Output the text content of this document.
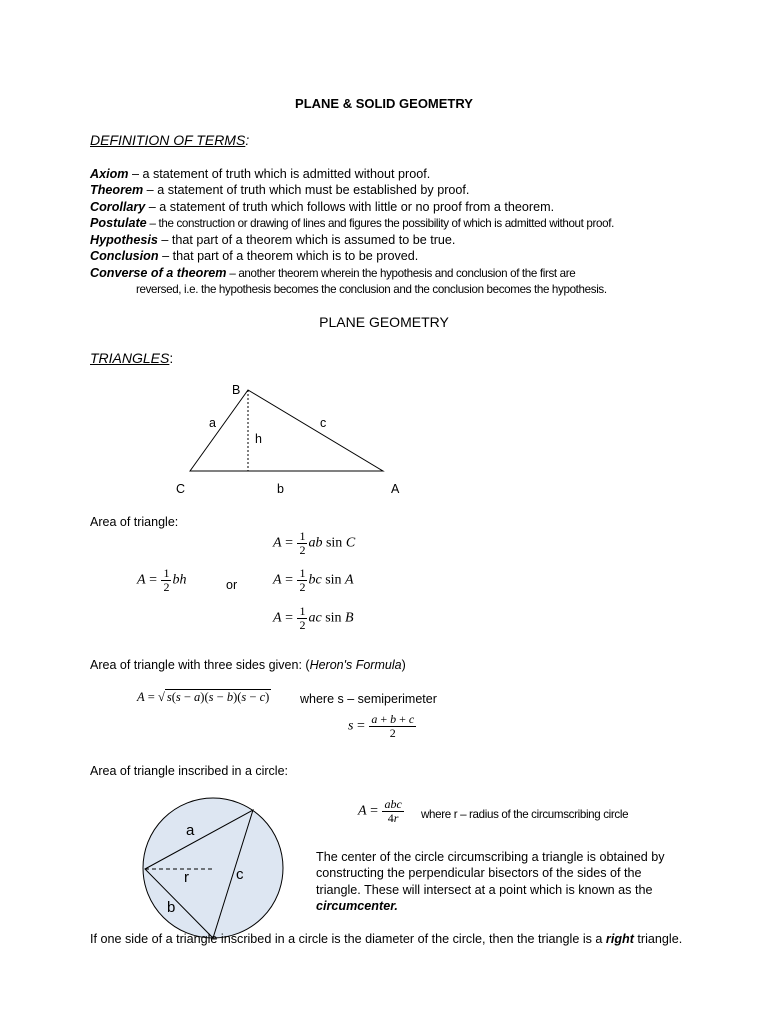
PLANE & SOLID GEOMETRY
DEFINITION OF TERMS:
Axiom – a statement of truth which is admitted without proof.
Theorem – a statement of truth which must be established by proof.
Corollary – a statement of truth which follows with little or no proof from a theorem.
Postulate – the construction or drawing of lines and figures the possibility of which is admitted without proof.
Hypothesis – that part of a theorem which is assumed to be true.
Conclusion – that part of a theorem which is to be proved.
Converse of a theorem – another theorem wherein the hypothesis and conclusion of the first are
reversed, i.e. the hypothesis becomes the conclusion and the conclusion becomes the hypothesis.
PLANE GEOMETRY
TRIANGLES:
B
a	c
h
C	b	A
Area of triangle:
$A = \frac{1}{2}$ ab sin C
$A = \frac{1}{2}$ bh	or	$A = \frac{1}{2}$ bc sin A
$A = \frac{1}{2}$ ac sin B
Area of triangle with three sides given: (Heron's Formula)
A = √ s(s − a)(s − b)(s − c) where s – semiperimeter
$s = \frac{a + b + c}{2}$
Area of triangle inscribed in a circle:
a
c
r
b
$A = \frac{\text{abc}}{4r}$ where r – radius of the circumscribing circle
The center of the circle circumscribing a triangle is obtained by constructing the perpendicular bisectors of the sides of the triangle. These will intersect at a point which is known as the circumcenter.
If one side of a triangle inscribed in a circle is the diameter of the circle, then the triangle is a right triangle.
